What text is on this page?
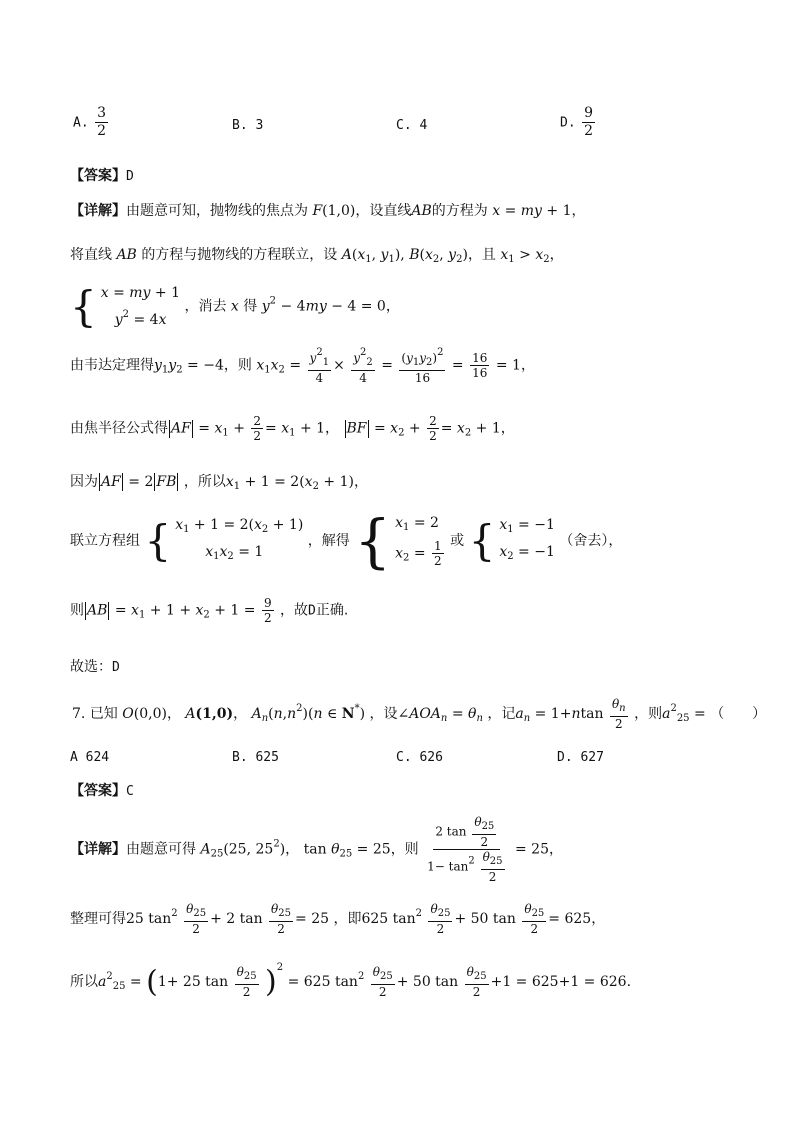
A. $\frac{3}{2}$	B. 3	C. 4	D. $\frac{9}{2}$
【答案】D
【详解】由题意可知，抛物线的焦点为 F(1,0)，设直线AB的方程为 x = my + 1，
将直线 AB 的方程与抛物线的方程联立，设 $A(x_1$, $y_1$), $B(x_2$, $y_2$)，且 $x_1 > x_2$，
{ x = my + 1
$y^2 = 4x$
，消去 x 得 $y^2 - 4my - 4 = 0$，
由韦达定理得$y_1y_2 = -4$，则 $x_1x_2 = \frac{y^2_1}{4} \times \frac{y^2_2}{4} = \frac{(y_1y_2)^2}{16} = \frac{16}{16} = 1$，
由焦半径公式得 AF = $x_1 + \frac{2}{2} = x_1 + 1$， BF = $x_2 + \frac{2}{2} = x_2 + 1$，
因为 AF = 2 FB ，所以$x_1 + 1 = 2(x_2 + 1)$，
联立方程组 { $x_1 + 1 = 2(x_2 + 1)$
$x_1x_2 = 1$
，解得 { $x_1 = 2$
$x_2 = \frac{1}{2}$ 或 { $x_1 = -1$
$x_2 = -1$
（舍去），
则 AB = $x_1 + 1 + x_2 + 1 = \frac{9}{2}$ ，故D正确.
故选：D
7. 已知 O(0,0)， A(1,0)， $A_n(n,n^2)(n$ ∈ N*) ，设$\angle AOA_n = \theta_n$ ，记$a_n = 1+ntan \frac{\theta_n}{2}$ ，则$a^2_{25}$ = （　　）
A 624	B. 625	C. 626	D. 627
【答案】C
【详解】由题意可得 $A_{25}(25$, $25^2$)， $\tan \theta_{25} = 25$，则 $\frac{2 \tan \frac{\theta_{25}}{2}}{1- \tan^2 \frac{\theta_{25}}{2}} = 25$，
整理可得25 $\tan^2 \frac{\theta_{25}}{2} + 2$ $\tan \frac{\theta_{25}}{2} = 25$ ，即625 $\tan^2 \frac{\theta_{25}}{2} + 50$ $\tan \frac{\theta_{25}}{2} = 625$，
所以$a^2_{25} = (1+ 25$ $\tan \frac{\theta_{25}}{2} )^2 = 625$ $\tan^2 \frac{\theta_{25}}{2} + 50$ $\tan \frac{\theta_{25}}{2} +1 = 625+1 = 626$.
